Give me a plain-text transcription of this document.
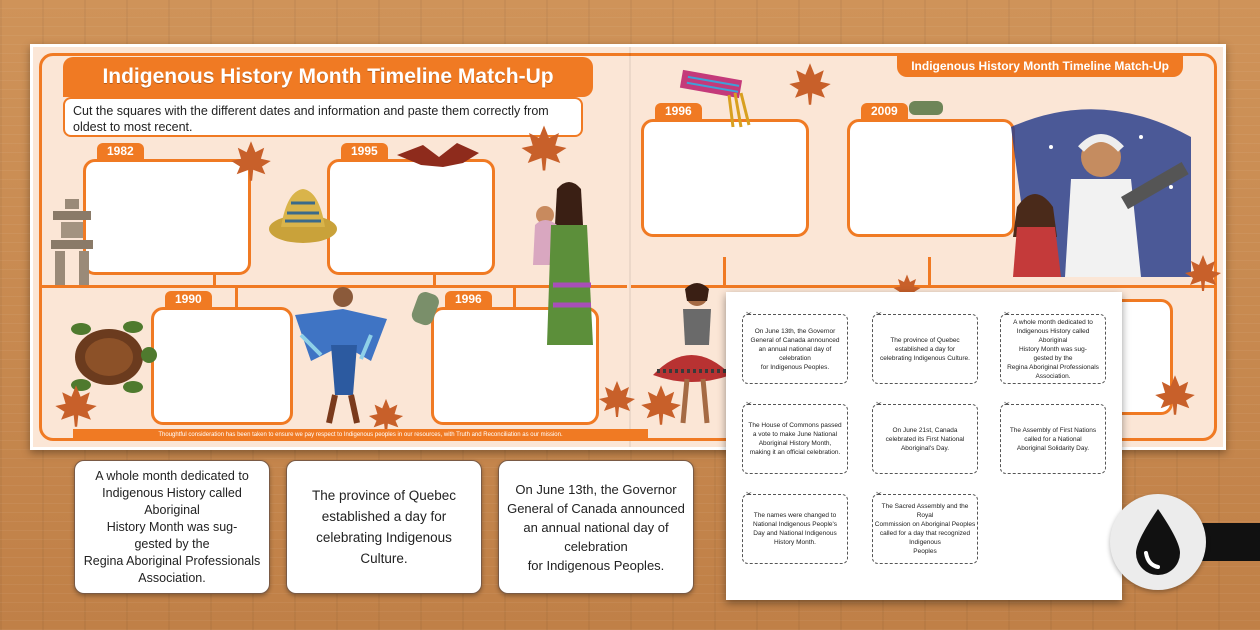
Indigenous History Month Timeline Match-Up	Indigenous History Month Timeline Match-Up
Cut the squares with the different dates and information and paste them correctly from oldest to most recent.
1982	1995
1990	1996
1996	2009
Thoughtful consideration has been taken to ensure we pay respect to Indigenous peoples in our resources, with Truth and Reconciliation as our mission.
A whole month dedicated to
Indigenous History called
Aboriginal
History Month was sug-
gested by the
Regina Aboriginal Professionals
Association.
The province of Quebec
established a day for
celebrating Indigenous Culture.
On June 13th, the Governor
General of Canada announced
an annual national day of
celebration
for Indigenous Peoples.
✂
On June 13th, the Governor
General of Canada announced
an annual national day of
celebration
for Indigenous Peoples.
✂
The province of Quebec
established a day for
celebrating Indigenous Culture.
✂
A whole month dedicated to
Indigenous History called
Aboriginal
History Month was sug-
gested by the
Regina Aboriginal Professionals
Association.
✂
The House of Commons passed
a vote to make June National
Aboriginal History Month,
making it an official celebration.
✂
On June 21st, Canada
celebrated its First National
Aboriginal's Day.
✂
The Assembly of First Nations
called for a National
Aboriginal Solidarity Day.
✂
The names were changed to
National Indigenous People's
Day and National Indigenous
History Month.
✂
The Sacred Assembly and the
Royal
Commission on Aboriginal Peoples
called for a day that recognized
Indigenous
Peoples
